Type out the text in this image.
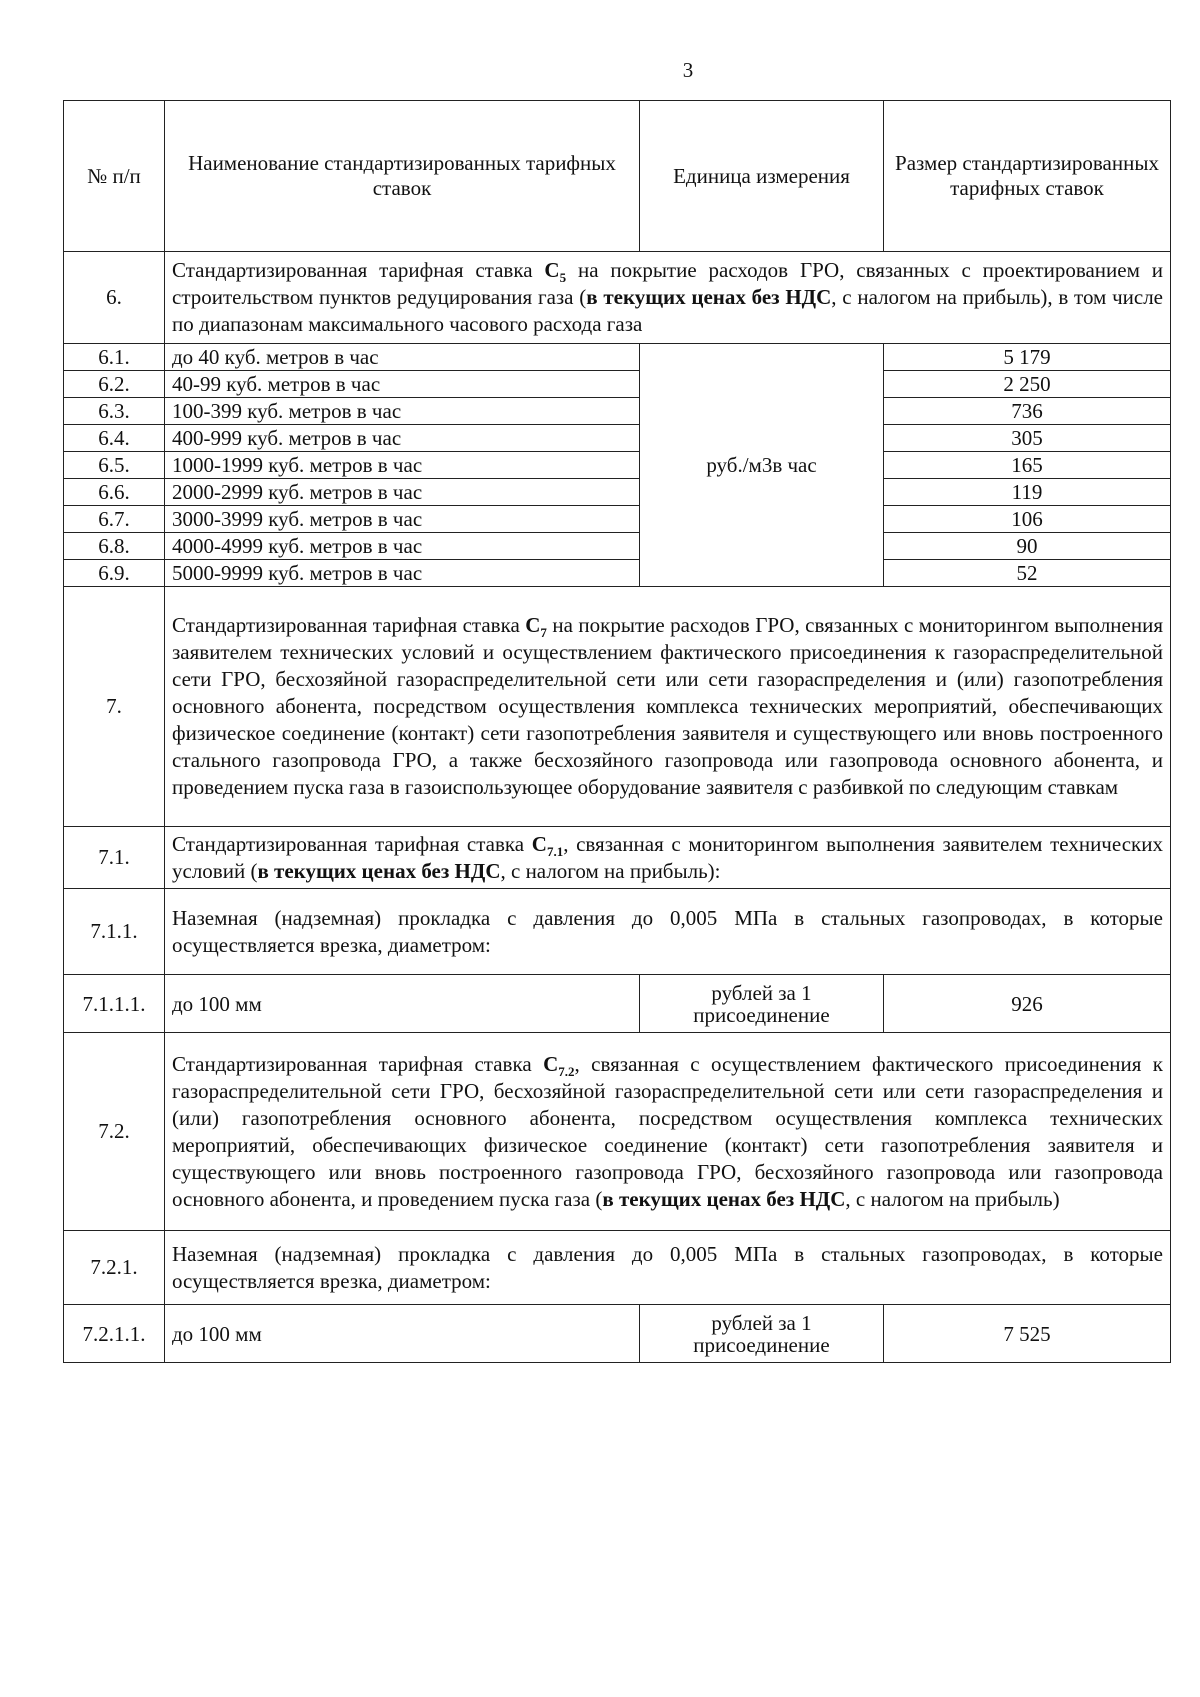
3
№ п/п	Наименование стандартизированных тарифных ставок	Единица измерения	Размер стандартизированных тарифных ставок
6.	Стандартизированная тарифная ставка $С_5$ на покрытие расходов ГРО, связанных с проектированием и строительством пунктов редуцирования газа (в текущих ценах без НДС, с налогом на прибыль), в том числе по диапазонам максимального часового расхода газа		
6.1.	до 40 куб. метров в час	руб./м3в час	5 179
6.2.	40-99 куб. метров в час		2 250
6.3.	100-399 куб. метров в час		736
6.4.	400-999 куб. метров в час		305
6.5.	1000-1999 куб. метров в час		165
6.6.	2000-2999 куб. метров в час		119
6.7.	3000-3999 куб. метров в час		106
6.8.	4000-4999 куб. метров в час		90
6.9.	5000-9999 куб. метров в час		52
7.	Стандартизированная тарифная ставка $С_7$ на покрытие расходов ГРО, связанных с мониторингом выполнения заявителем технических условий и осуществлением фактического присоединения к газораспределительной сети ГРО, бесхозяйной газораспределительной сети или сети газораспределения и (или) газопотребления основного абонента, посредством осуществления комплекса технических мероприятий, обеспечивающих физическое соединение (контакт) сети газопотребления заявителя и существующего или вновь построенного стального газопровода ГРО, а также бесхозяйного газопровода или газопровода основного абонента, и проведением пуска газа в газоиспользующее оборудование заявителя с разбивкой по следующим ставкам		
7.1.	Стандартизированная тарифная ставка $С_{7.1}$, связанная с мониторингом выполнения заявителем технических условий (в текущих ценах без НДС, с налогом на прибыль):		
7.1.1.	Наземная (надземная) прокладка с давления до 0,005 МПа в стальных газопроводах, в которые осуществляется врезка, диаметром:		
7.1.1.1.	до 100 мм	рублей за 1 присоединение	926
7.2.	Стандартизированная тарифная ставка $С_{7.2}$, связанная с осуществлением фактического присоединения к газораспределительной сети ГРО, бесхозяйной газораспределительной сети или сети газораспределения и (или) газопотребления основного абонента, посредством осуществления комплекса технических мероприятий, обеспечивающих физическое соединение (контакт) сети газопотребления заявителя и существующего или вновь построенного газопровода ГРО, бесхозяйного газопровода или газопровода основного абонента, и проведением пуска газа (в текущих ценах без НДС, с налогом на прибыль)		
7.2.1.	Наземная (надземная) прокладка с давления до 0,005 МПа в стальных газопроводах, в которые осуществляется врезка, диаметром:		
7.2.1.1.	до 100 мм	рублей за 1 присоединение	7 525
